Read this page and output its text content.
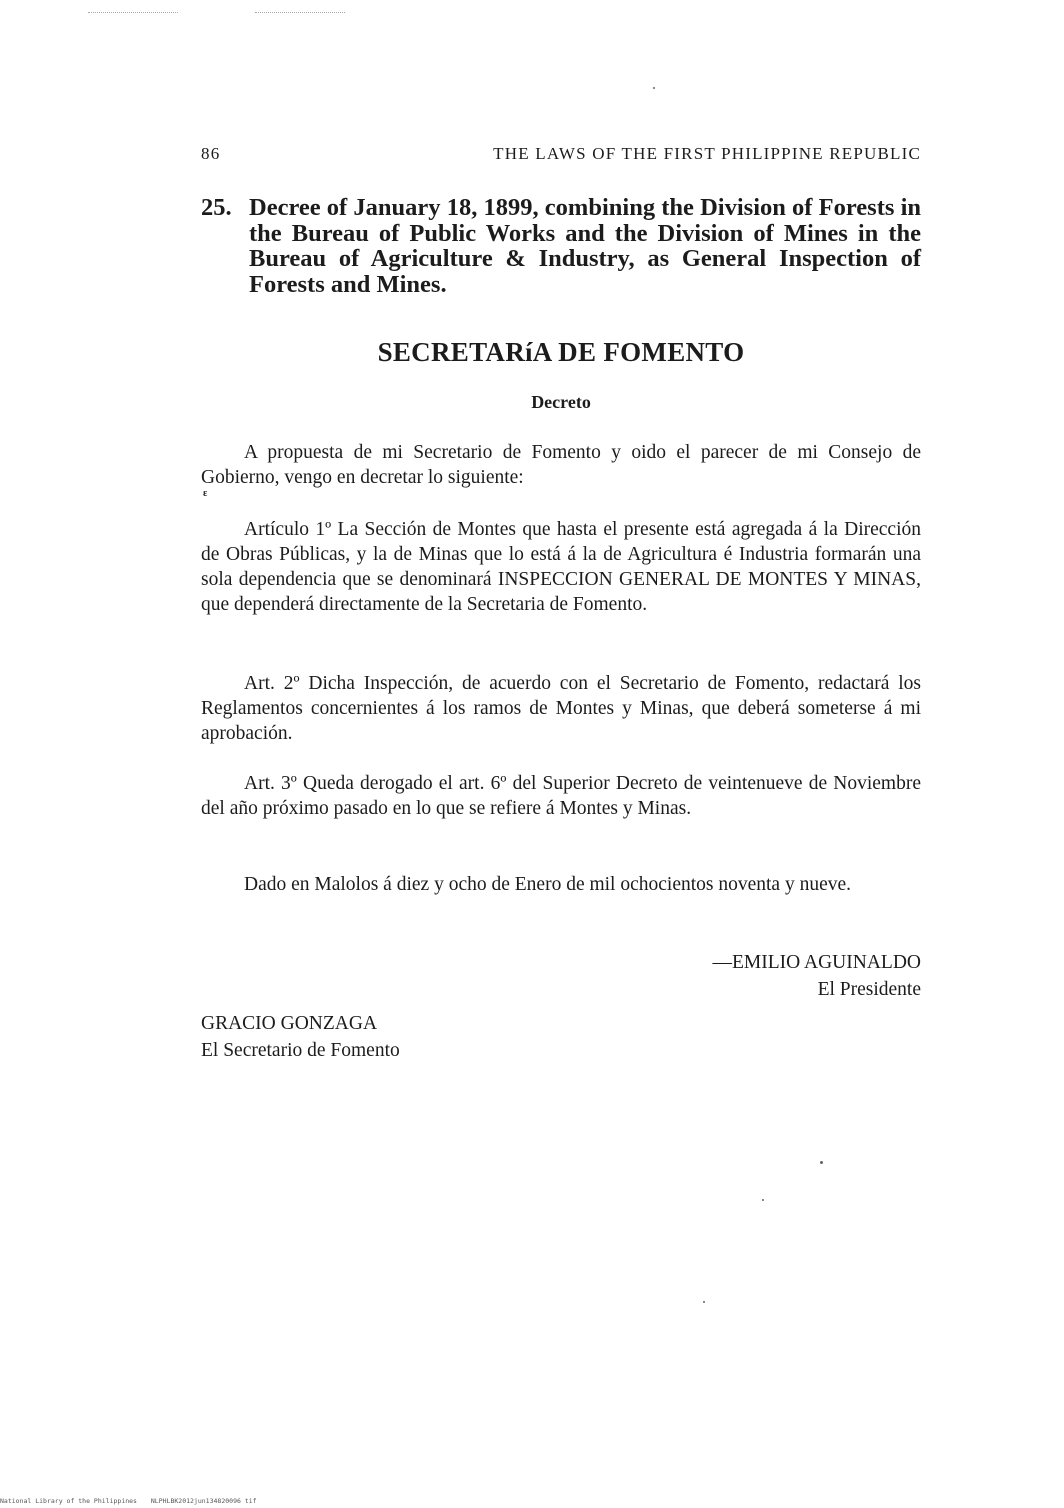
86	THE LAWS OF THE FIRST PHILIPPINE REPUBLIC
25. Decree of January 18, 1899, combining the Division of Forests in the Bureau of Public Works and the Division of Mines in the Bureau of Agriculture & Industry, as General Inspection of Forests and Mines.
SECRETARíA DE FOMENTO
Decreto

A propuesta de mi Secretario de Fomento y oido el parecer de mi Consejo de Gobierno, vengo en decretar lo siguiente:

ɛ

Artículo 1º La Sección de Montes que hasta el presente está agregada á la Dirección de Obras Públicas, y la de Minas que lo está á la de Agricultura é Industria formarán una sola dependencia que se denominará INSPECCION GENERAL DE MONTES Y MINAS, que dependerá directamente de la Secretaria de Fomento.

Art. 2º Dicha Inspección, de acuerdo con el Secretario de Fomento, redactará los Reglamentos concernientes á los ramos de Montes y Minas, que deberá someterse á mi aprobación.

Art. 3º Queda derogado el art. 6º del Superior Decreto de veintenueve de Noviembre del año próximo pasado en lo que se refiere á Montes y Minas.

Dado en Malolos á diez y ocho de Enero de mil ochocientos noventa y nueve.

—EMILIO AGUINALDO
El Presidente
GRACIO GONZAGA
El Secretario de Fomento
National Library of the Philippines NLPHLBK2012jun134820096 tif
